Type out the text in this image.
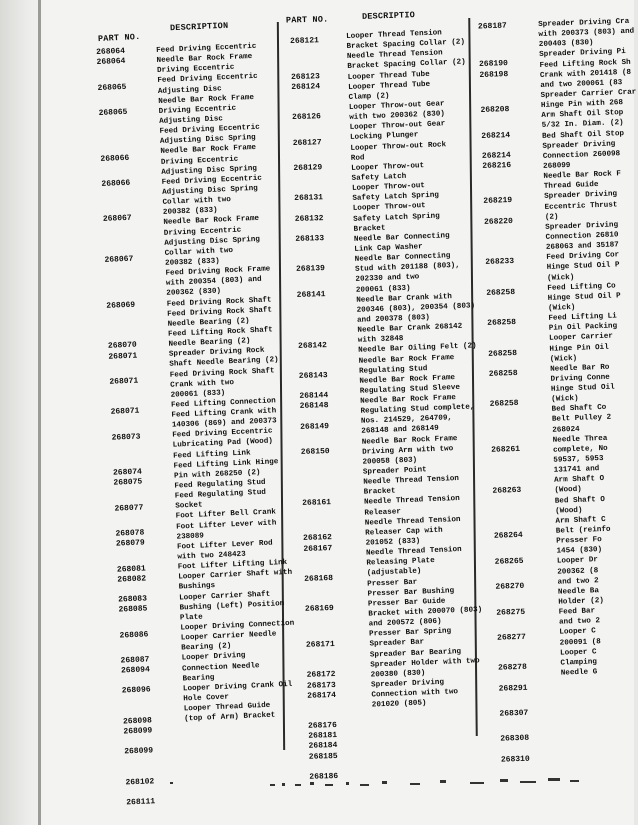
PART NO.
DESCRIPTION
PART NO.	DESCRIPTIO
268187
268064
268064
268065
268065
268066
268066
268067
268067
268069
268070
268071
268071
268071
268073
268074
268075
268077
268078
268079
268081
268082
268083
268085
268086
268087
268094
268096
268098
268099
268099
268102
268111
Feed Driving Eccentric
Needle Bar Rock Frame
Driving Eccentric
Feed Driving Eccentric
Adjusting Disc
Needle Bar Rock Frame
Driving Eccentric
Adjusting Disc
Feed Driving Eccentric
Adjusting Disc Spring
Needle Bar Rock Frame
Driving Eccentric
Adjusting Disc Spring
Feed Driving Eccentric
Adjusting Disc Spring
Collar with two
200382 (833)
Needle Bar Rock Frame
Driving Eccentric
Adjusting Disc Spring
Collar with two
200382 (833)
Feed Driving Rock Frame
with 200354 (803) and
200362 (830)
Feed Driving Rock Shaft
Feed Driving Rock Shaft
Needle Bearing (2)
Feed Lifting Rock Shaft
Needle Bearing (2)
Spreader Driving Rock
Shaft Needle Bearing (2)
Feed Driving Rock Shaft
Crank with two
200061 (833)
Feed Lifting Connection
Feed Lifting Crank with
140306 (869) and 200373
Feed Driving Eccentric
Lubricating Pad (Wood)
Feed Lifting Link
Feed Lifting Link Hinge
Pin with 268250 (2)
Feed Regulating Stud
Feed Regulating Stud
Socket
Foot Lifter Bell Crank
Foot Lifter Lever with
238089
Foot Lifter Lever Rod
with two 248423
Foot Lifter Lifting Link
Looper Carrier Shaft with
Bushings
Looper Carrier Shaft
Bushing (Left) Position
Plate
Looper Driving Connection
Looper Carrier Needle
Bearing (2)
Looper Driving
Connection Needle
Bearing
Looper Driving Crank Oil
Hole Cover
Looper Thread Guide
(top of Arm) Bracket
268121
268123
268124
268126
268127
268129
268131
268132
268133
268139
268141
268142
268143
268144
268148
268149
268150
268161
268162
268167
268168
268169
268171
268172
268173
268174
268176
268181
268184
268185
268186
Looper Thread Tension
Bracket Spacing Collar (2)
Needle Thread Tension
Bracket Spacing Collar (2)
Looper Thread Tube
Looper Thread Tube
Clamp (2)
Looper Throw-out Gear
with two 200362 (830)
Looper Throw-out Gear
Locking Plunger
Looper Throw-out Rock
Rod
Looper Throw-out
Safety Latch
Looper Throw-out
Safety Latch Spring
Looper Throw-out
Safety Latch Spring
Bracket
Needle Bar Connecting
Link Cap Washer
Needle Bar Connecting
Stud with 201188 (803),
202330 and two
200061 (833)
Needle Bar Crank with
200346 (803), 200354 (803)
and 200378 (803)
Needle Bar Crank 268142
with 32848
Needle Bar Oiling Felt (2)
Needle Bar Rock Frame
Regulating Stud
Needle Bar Rock Frame
Regulating Stud Sleeve
Needle Bar Rock Frame
Regulating Stud complete,
Nos. 214529, 264709,
268148 and 268149
Needle Bar Rock Frame
Driving Arm with two
200058 (803)
Spreader Point
Needle Thread Tension
Bracket
Needle Thread Tension
Releaser
Needle Thread Tension
Releaser Cap with
201052 (833)
Needle Thread Tension
Releasing Plate
(adjustable)
Presser Bar
Presser Bar Bushing
Presser Bar Guide
Bracket with 200070 (803)
and 200572 (806)
Presser Bar Spring
Spreader Bar
Spreader Bar Bearing
Spreader Holder with two
200380 (830)
Spreader Driving
Connection with two
201020 (805)
268190
268198
268208
268214
268214
268216
268219
268220
268233
268258
268258
268258
268258
268258
268261
268263
268264
268265
268270
268275
268277
268278
268291
268307
268308
268310
Spreader Driving Cra
with 200373 (803) and
200403 (830)
Spreader Driving Pi
Feed Lifting Rock Sh
Crank with 201418 (8
and two 200061 (83
Spreader Carrier Crar
Hinge Pin with 268
Arm Shaft Oil Stop
5/32 In. Diam. (2)
Bed Shaft Oil Stop
Spreader Driving
Connection 260098
268099
Needle Bar Rock F
Thread Guide
Spreader Driving
Eccentric Thrust
(2)
Spreader Driving
Connection 26810
268063 and 35187
Feed Driving Cor
Hinge Stud Oil P
(Wick)
Feed Lifting Co
Hinge Stud Oil P
(Wick)
Feed Lifting Li
Pin Oil Packing
Looper Carrier
Hinge Pin Oil
(Wick)
Needle Bar Ro
Driving Conne
Hinge Stud Oil
(Wick)
Bed Shaft Co
Belt Pulley 2
268024
Needle Threa
complete, No
59537, 5953
131741 and
Arm Shaft O
(Wood)
Bed Shaft O
(Wood)
Arm Shaft C
Belt (reinfo
Presser Fo
1454 (830)
Looper Dr
200362 (8
and two 2
Needle Ba
Holder (2)
Feed Bar
and two 2
Looper C
200091 (8
Looper C
Clamping
Needle G
